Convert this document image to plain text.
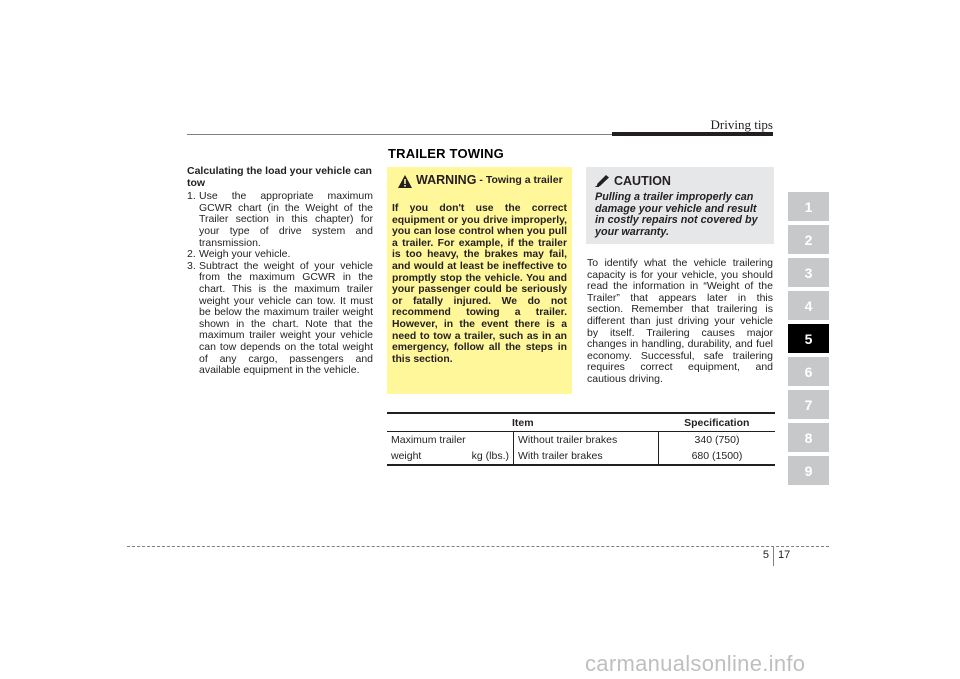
Driving tips
TRAILER TOWING
Calculating the load your vehicle can tow
1. Use the appropriate maximum GCWR chart (in the Weight of the Trailer section in this chapter) for your type of drive system and transmission.
2. Weigh your vehicle.
3. Subtract the weight of your vehicle from the maximum GCWR in the chart. This is the maximum trailer weight your vehicle can tow. It must be below the maximum trailer weight shown in the chart. Note that the maximum trailer weight your vehicle can tow depends on the total weight of any cargo, passengers and available equipment in the vehicle.
WARNING - Towing a trailer
If you don't use the correct equipment or you drive improperly, you can lose control when you pull a trailer. For example, if the trailer is too heavy, the brakes may fail, and would at least be ineffective to promptly stop the vehicle. You and your passenger could be seriously or fatally injured. We do not recommend towing a trailer. However, in the event there is a need to tow a trailer, such as in an emergency, follow all the steps in this section.
CAUTION
Pulling a trailer improperly can damage your vehicle and result in costly repairs not covered by your warranty.
To identify what the vehicle trailering capacity is for your vehicle, you should read the information in “Weight of the Trailer” that appears later in this section. Remember that trailering is different than just driving your vehicle by itself. Trailering causes major changes in handling, durability, and fuel economy. Successful, safe trailering requires correct equipment, and cautious driving.
Item		Specification
Maximum trailer	Without trailer brakes	340 (750)

weight kg (lbs.)	With trailer brakes	680 (1500)
1
2
3
4
5
6
7
8
9
5 17
carmanualsonline.info
